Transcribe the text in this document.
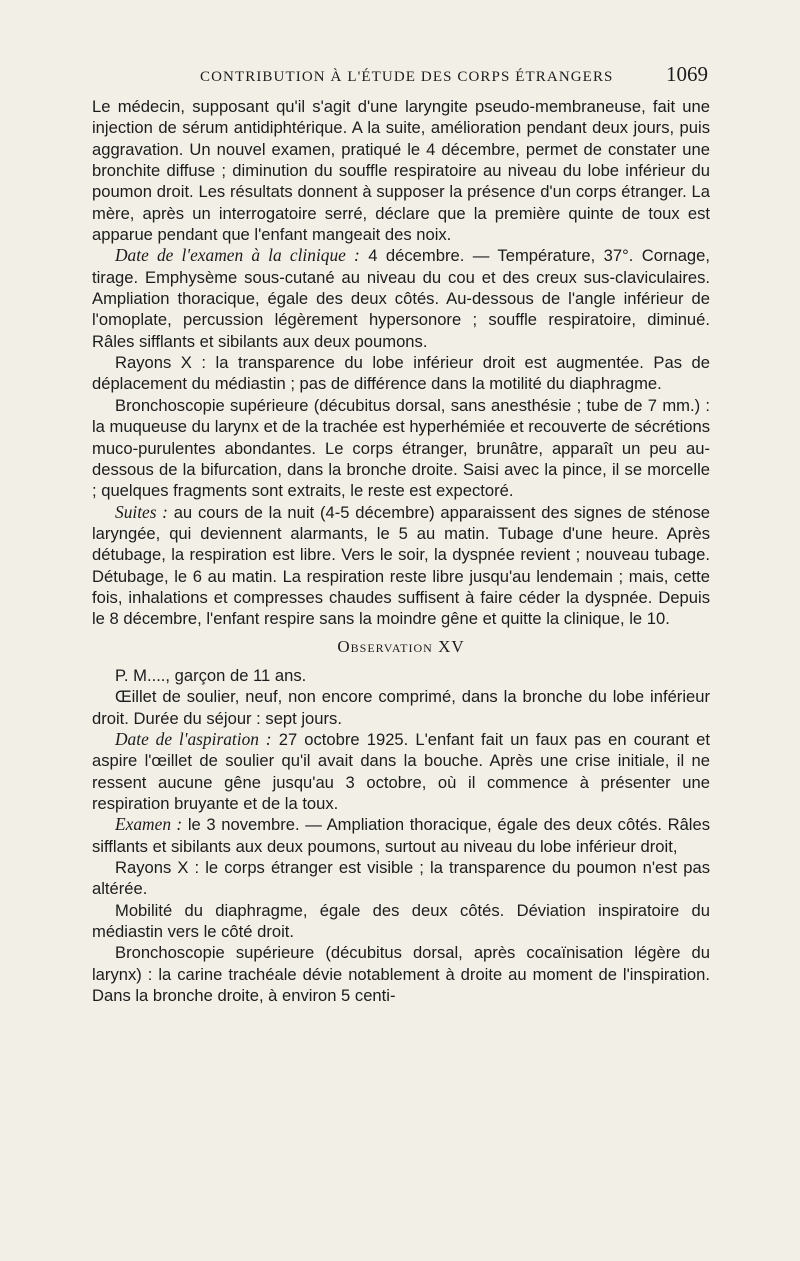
CONTRIBUTION À L'ÉTUDE DES CORPS ÉTRANGERS	1069

Le médecin, supposant qu'il s'agit d'une laryngite pseudo-membraneuse, fait une injection de sérum antidiphtérique. A la suite, amélioration pendant deux jours, puis aggravation. Un nouvel examen, pratiqué le 4 décembre, permet de constater une bronchite diffuse ; diminution du souffle respiratoire au niveau du lobe inférieur du poumon droit. Les résultats donnent à supposer la présence d'un corps étranger. La mère, après un interrogatoire serré, déclare que la première quinte de toux est apparue pendant que l'enfant mangeait des noix.

Date de l'examen à la clinique : 4 décembre. — Température, 37°. Cornage, tirage. Emphysème sous-cutané au niveau du cou et des creux sus-claviculaires. Ampliation thoracique, égale des deux côtés. Au-dessous de l'angle inférieur de l'omoplate, percussion légèrement hypersonore ; souffle respiratoire, diminué. Râles sifflants et sibilants aux deux poumons.

Rayons X : la transparence du lobe inférieur droit est augmentée. Pas de déplacement du médiastin ; pas de différence dans la motilité du diaphragme.

Bronchoscopie supérieure (décubitus dorsal, sans anesthésie ; tube de 7 mm.) : la muqueuse du larynx et de la trachée est hyperhémiée et recouverte de sécrétions muco-purulentes abondantes. Le corps étranger, brunâtre, apparaît un peu au-dessous de la bifurcation, dans la bronche droite. Saisi avec la pince, il se morcelle ; quelques fragments sont extraits, le reste est expectoré.

Suites : au cours de la nuit (4-5 décembre) apparaissent des signes de sténose laryngée, qui deviennent alarmants, le 5 au matin. Tubage d'une heure. Après détubage, la respiration est libre. Vers le soir, la dyspnée revient ; nouveau tubage. Détubage, le 6 au matin. La respiration reste libre jusqu'au lendemain ; mais, cette fois, inhalations et compresses chaudes suffisent à faire céder la dyspnée. Depuis le 8 décembre, l'enfant respire sans la moindre gêne et quitte la clinique, le 10.

Observation XV

P. M...., garçon de 11 ans.

Œillet de soulier, neuf, non encore comprimé, dans la bronche du lobe inférieur droit. Durée du séjour : sept jours.

Date de l'aspiration : 27 octobre 1925. L'enfant fait un faux pas en courant et aspire l'œillet de soulier qu'il avait dans la bouche. Après une crise initiale, il ne ressent aucune gêne jusqu'au 3 octobre, où il commence à présenter une respiration bruyante et de la toux.

Examen : le 3 novembre. — Ampliation thoracique, égale des deux côtés. Râles sifflants et sibilants aux deux poumons, surtout au niveau du lobe inférieur droit,

Rayons X : le corps étranger est visible ; la transparence du poumon n'est pas altérée.

Mobilité du diaphragme, égale des deux côtés. Déviation inspiratoire du médiastin vers le côté droit.

Bronchoscopie supérieure (décubitus dorsal, après cocaïnisation légère du larynx) : la carine trachéale dévie notablement à droite au moment de l'inspiration. Dans la bronche droite, à environ 5 centi-
